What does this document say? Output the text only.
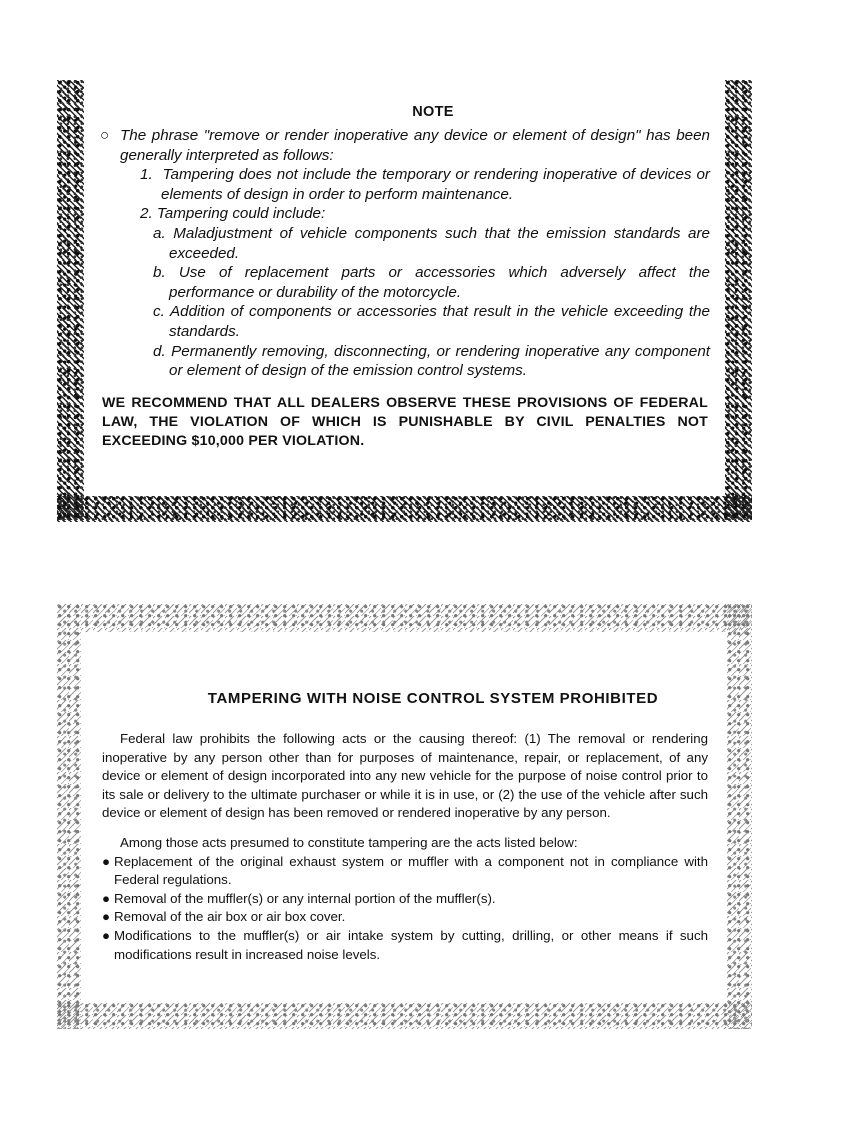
NOTE
○ The phrase "remove or render inoperative any device or element of design" has been generally interpreted as follows:
1. Tampering does not include the temporary or rendering inoperative of devices or elements of design in order to perform maintenance.
2. Tampering could include:
a. Maladjustment of vehicle components such that the emission standards are exceeded.
b. Use of replacement parts or accessories which adversely affect the performance or durability of the motorcycle.
c. Addition of components or accessories that result in the vehicle exceeding the standards.
d. Permanently removing, disconnecting, or rendering inoperative any component or element of design of the emission control systems.
WE RECOMMEND THAT ALL DEALERS OBSERVE THESE PROVISIONS OF FEDERAL LAW, THE VIOLATION OF WHICH IS PUNISHABLE BY CIVIL PENALTIES NOT EXCEEDING $10,000 PER VIOLATION.
TAMPERING WITH NOISE CONTROL SYSTEM PROHIBITED
Federal law prohibits the following acts or the causing thereof: (1) The removal or rendering inoperative by any person other than for purposes of maintenance, repair, or replacement, of any device or element of design incorporated into any new vehicle for the purpose of noise control prior to its sale or delivery to the ultimate purchaser or while it is in use, or (2) the use of the vehicle after such device or element of design has been removed or rendered inoperative by any person.
Among those acts presumed to constitute tampering are the acts listed below:
● Replacement of the original exhaust system or muffler with a component not in compliance with Federal regulations.
● Removal of the muffler(s) or any internal portion of the muffler(s).
● Removal of the air box or air box cover.
● Modifications to the muffler(s) or air intake system by cutting, drilling, or other means if such modifications result in increased noise levels.
